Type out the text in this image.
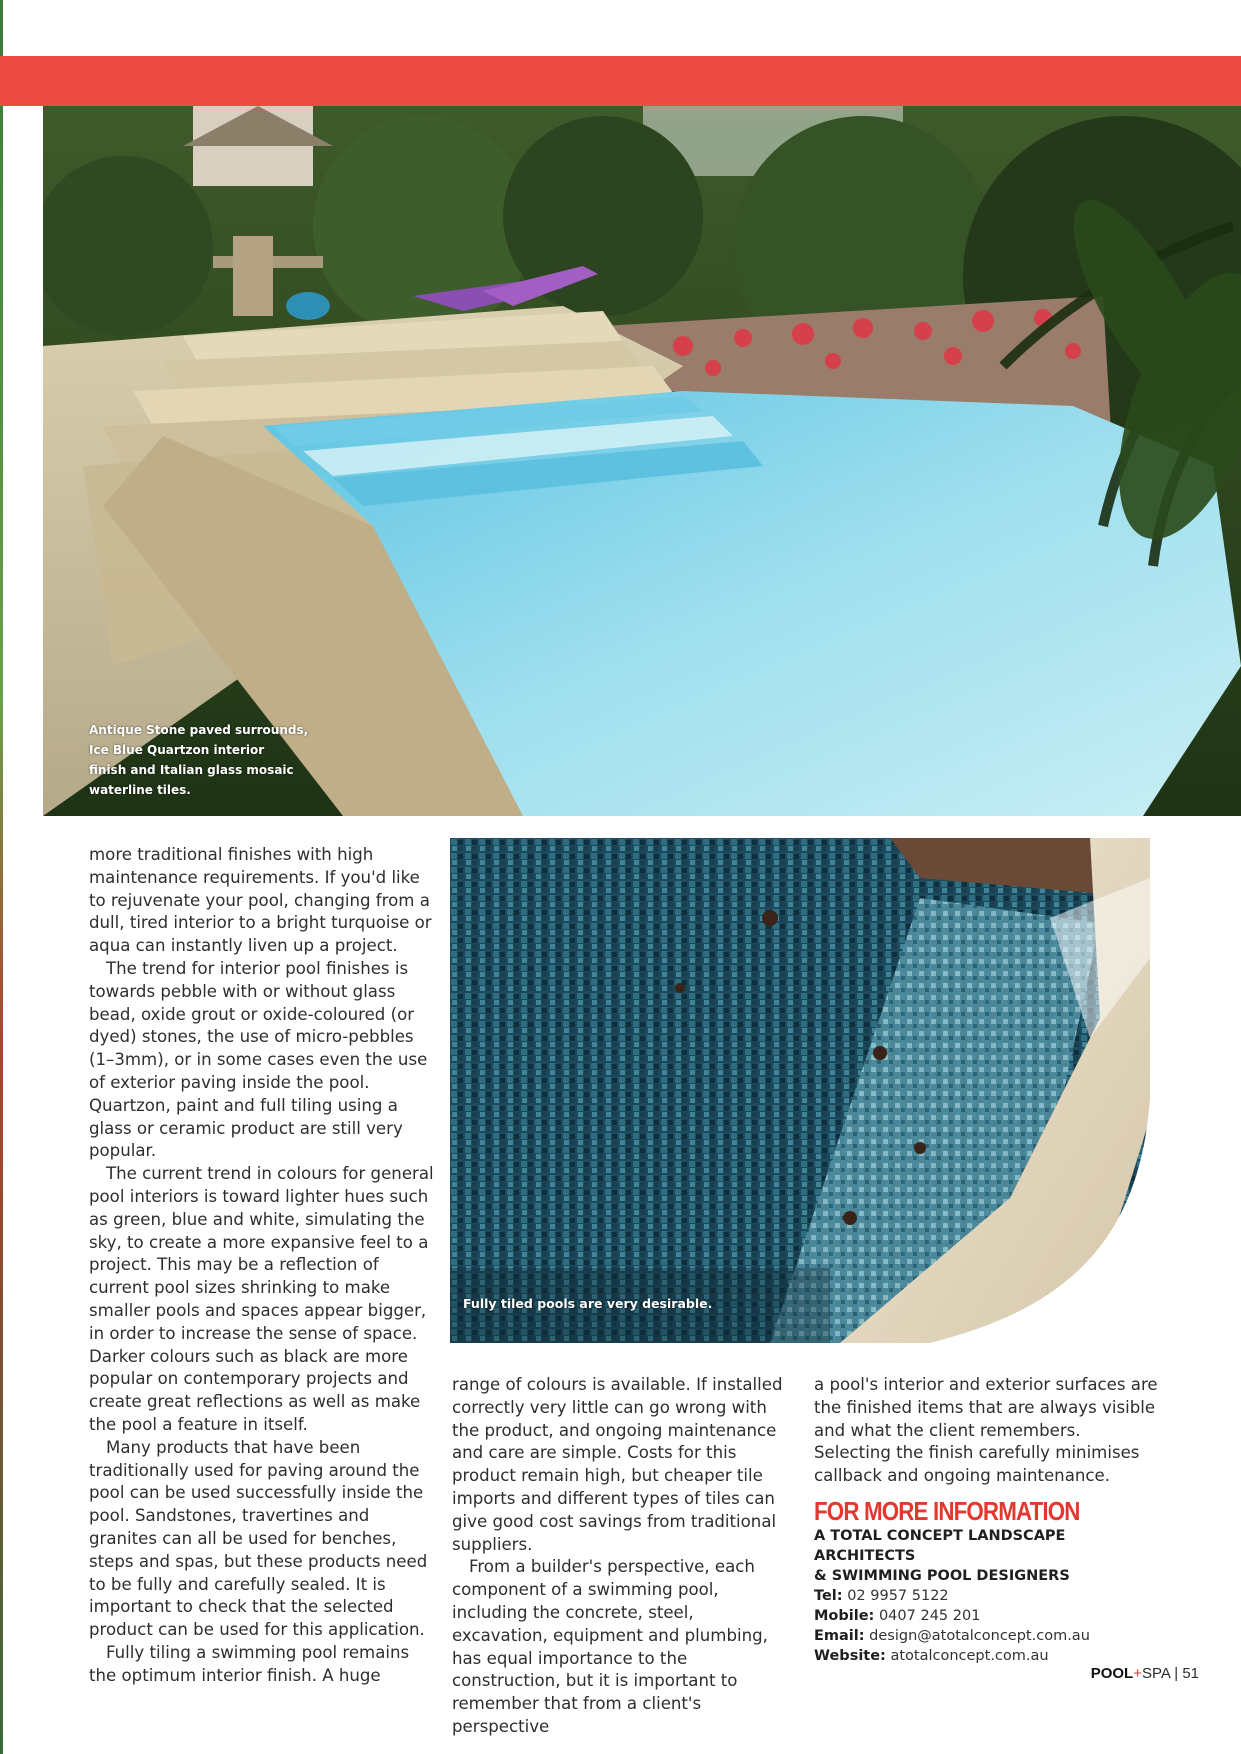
Antique Stone paved surrounds,
Ice Blue Quartzon interior
finish and Italian glass mosaic
waterline tiles.
Fully tiled pools are very desirable.

more traditional finishes with high maintenance requirements. If you'd like to rejuvenate your pool, changing from a dull, tired interior to a bright turquoise or aqua can instantly liven up a project.

The trend for interior pool finishes is towards pebble with or without glass bead, oxide grout or oxide-coloured (or dyed) stones, the use of micro-pebbles (1–3mm), or in some cases even the use of exterior paving inside the pool. Quartzon, paint and full tiling using a glass or ceramic product are still very popular.

The current trend in colours for general pool interiors is toward lighter hues such as green, blue and white, simulating the sky, to create a more expansive feel to a project. This may be a reflection of current pool sizes shrinking to make smaller pools and spaces appear bigger, in order to increase the sense of space. Darker colours such as black are more popular on contemporary projects and create great reflections as well as make the pool a feature in itself.

Many products that have been traditionally used for paving around the pool can be used successfully inside the pool. Sandstones, travertines and granites can all be used for benches, steps and spas, but these products need to be fully and carefully sealed. It is important to check that the selected product can be used for this application.

Fully tiling a swimming pool remains the optimum interior finish. A huge

range of colours is available. If installed correctly very little can go wrong with the product, and ongoing maintenance and care are simple. Costs for this product remain high, but cheaper tile imports and different types of tiles can give good cost savings from traditional suppliers.

From a builder's perspective, each component of a swimming pool, including the concrete, steel, excavation, equipment and plumbing, has equal importance to the construction, but it is important to remember that from a client's perspective

a pool's interior and exterior surfaces are the finished items that are always visible and what the client remembers. Selecting the finish carefully minimises callback and ongoing maintenance.

FOR MORE INFORMATION
A TOTAL CONCEPT LANDSCAPE ARCHITECTS
& SWIMMING POOL DESIGNERS
Tel: 02 9957 5122
Mobile: 0407 245 201
Email: design@atotalconcept.com.au
Website: atotalconcept.com.au
POOL+SPA | 51
